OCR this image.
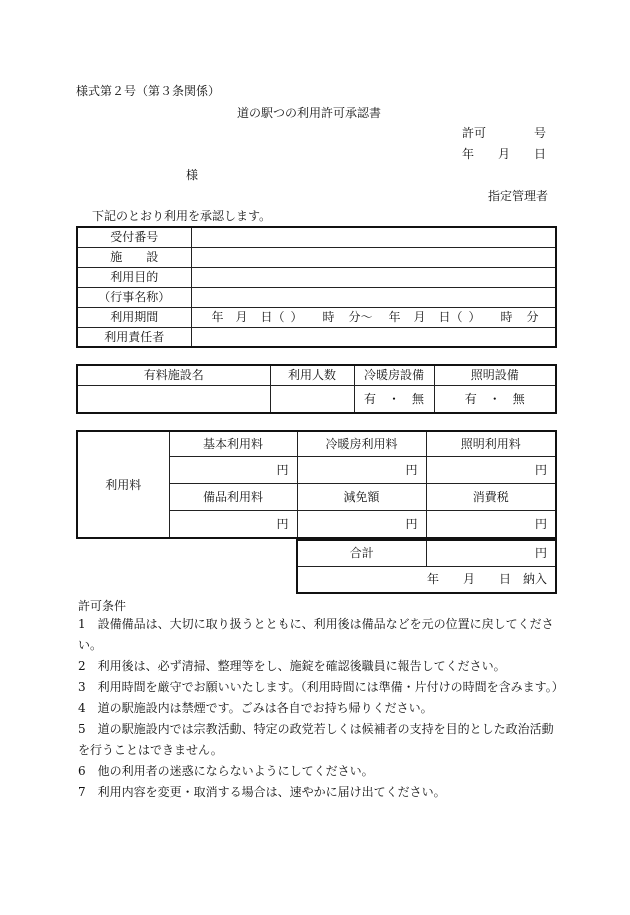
様式第２号（第３条関係）
道の駅つの利用許可承認書
許可　　　　号
年　　月　　日
様
指定管理者
下記のとおり利用を承認します。
受付番号	
施　　設	
利用目的	
（行事名称）	
利用期間	年 月 日（ ） 時 分～ 年 月 日（ ） 時 分
利用責任者	
有料施設名	利用人数	冷暖房設備	照明設備
		有　・　無	有　・　無
利用料	基本利用料	冷暖房利用料	照明利用料
	円	円	円
	備品利用料	減免額	消費税
	円	円	円
合計	円
年　　月　　日　納入
許可条件
1　設備備品は、大切に取り扱うとともに、利用後は備品などを元の位置に戻してください。
2　利用後は、必ず清掃、整理等をし、施錠を確認後職員に報告してください。
3　利用時間を厳守でお願いいたします。（利用時間には準備・片付けの時間を含みます。）
4　道の駅施設内は禁煙です。ごみは各自でお持ち帰りください。
5　道の駅施設内では宗教活動、特定の政党若しくは候補者の支持を目的とした政治活動を行うことはできません。
6　他の利用者の迷惑にならないようにしてください。
7　利用内容を変更・取消する場合は、速やかに届け出てください。
